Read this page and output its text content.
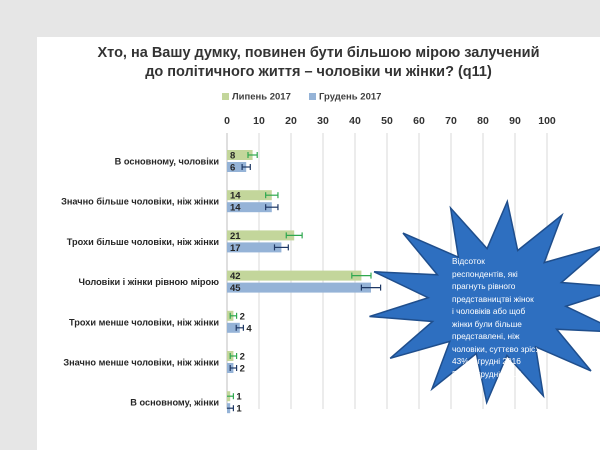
Хто, на Вашу думку, повинен бути більшою мірою залучений
до політичного життя – чоловіки чи жінки? (q11)
0 10 20 30 40 50 60 70 80 90 100
Липень 2017	Грудень 2017
В основному, чоловіки 8
6
Значно більше чоловіки, ніж жінки 14
14
Трохи більше чоловіки, ніж жінки 21
17
Чоловіки і жінки рівною мірою 42
45
Трохи менше чоловіки, ніж жінки 2
4
Значно менше чоловіки, ніж жінки 2
2
В основному, жінки 1
1
Відсоток
респондентів, які
прагнуть рівного
представництві жінок
і чоловіків або щоб
жінки були більше
представлені, ніж
чоловіки, суттєво зріс:
43% у грудні 2016
52% у грудні 2017
